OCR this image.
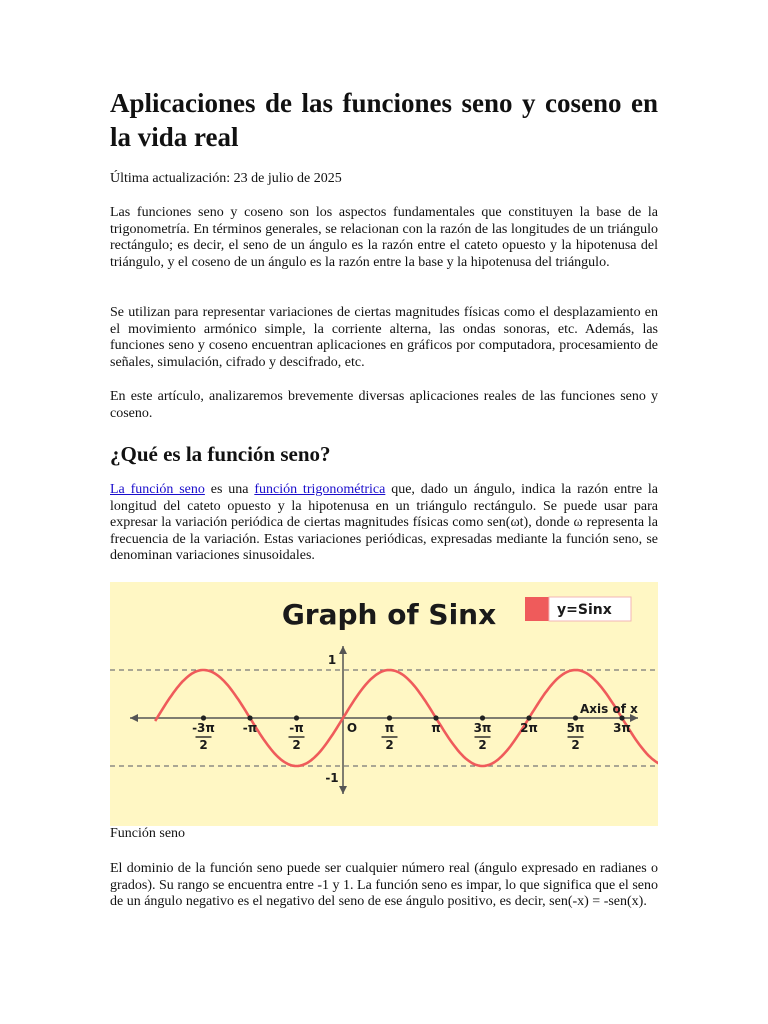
Aplicaciones de las funciones seno y coseno en la vida real

Última actualización: 23 de julio de 2025

Las funciones seno y coseno son los aspectos fundamentales que constituyen la base de la trigonometría. En términos generales, se relacionan con la razón de las longitudes de un triángulo rectángulo; es decir, el seno de un ángulo es la razón entre el cateto opuesto y la hipotenusa del triángulo, y el coseno de un ángulo es la razón entre la base y la hipotenusa del triángulo.

Se utilizan para representar variaciones de ciertas magnitudes físicas como el desplazamiento en el movimiento armónico simple, la corriente alterna, las ondas sonoras, etc. Además, las funciones seno y coseno encuentran aplicaciones en gráficos por computadora, procesamiento de señales, simulación, cifrado y descifrado, etc.

En este artículo, analizaremos brevemente diversas aplicaciones reales de las funciones seno y coseno.

¿Qué es la función seno?

La función seno es una función trigonométrica que, dado un ángulo, indica la razón entre la longitud del cateto opuesto y la hipotenusa en un triángulo rectángulo. Se puede usar para expresar la variación periódica de ciertas magnitudes físicas como sen(ωt), donde ω representa la frecuencia de la variación. Estas variaciones periódicas, expresadas mediante la función seno, se denominan variaciones sinusoidales.

Graph of Sinx	y=Sinx
-3π
2
-π	-π
2
π
2
π	3π
2
2π 5π
2
3π
O
1
-1
Axis of x

Función seno

El dominio de la función seno puede ser cualquier número real (ángulo expresado en radianes o grados). Su rango se encuentra entre -1 y 1. La función seno es impar, lo que significa que el seno de un ángulo negativo es el negativo del seno de ese ángulo positivo, es decir, sen(-x) = -sen(x).
